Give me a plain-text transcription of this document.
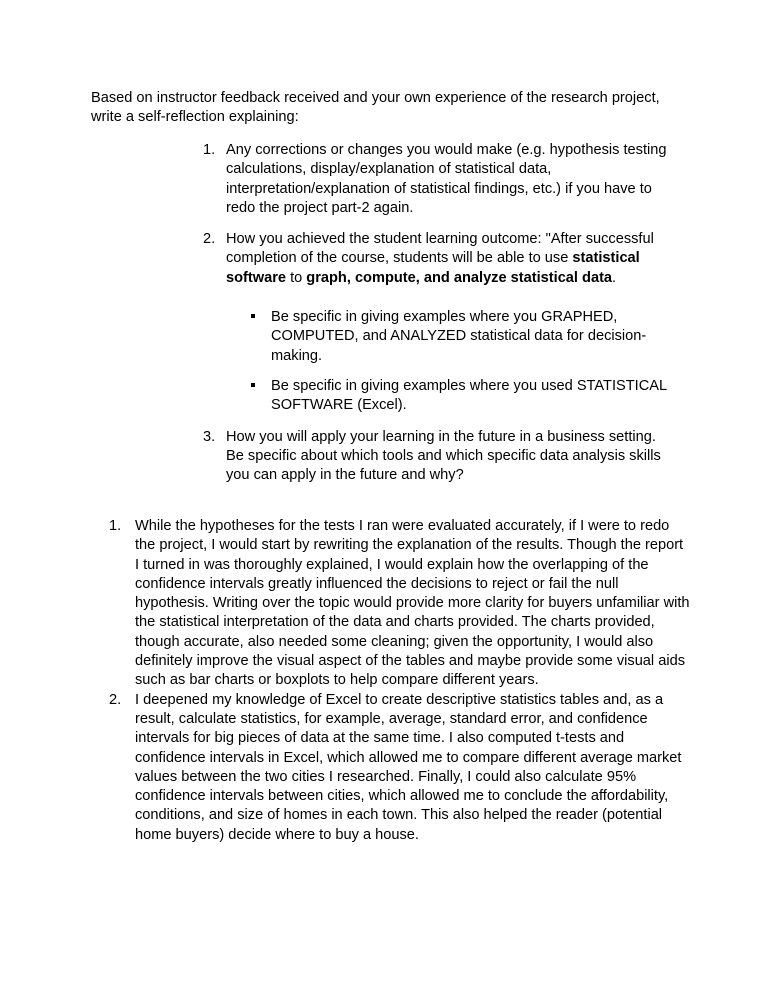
Based on instructor feedback received and your own experience of the research project, write a self-reflection explaining:

1. Any corrections or changes you would make (e.g. hypothesis testing calculations, display/explanation of statistical data, interpretation/explanation of statistical findings, etc.) if you have to redo the project part-2 again.
2. How you achieved the student learning outcome: "After successful completion of the course, students will be able to use statistical software to graph, compute, and analyze statistical data.
Be specific in giving examples where you GRAPHED, COMPUTED, and ANALYZED statistical data for decision-making.
Be specific in giving examples where you used STATISTICAL SOFTWARE (Excel).
3. How you will apply your learning in the future in a business setting. Be specific about which tools and which specific data analysis skills you can apply in the future and why?
1. While the hypotheses for the tests I ran were evaluated accurately, if I were to redo the project, I would start by rewriting the explanation of the results. Though the report I turned in was thoroughly explained, I would explain how the overlapping of the confidence intervals greatly influenced the decisions to reject or fail the null hypothesis. Writing over the topic would provide more clarity for buyers unfamiliar with the statistical interpretation of the data and charts provided. The charts provided, though accurate, also needed some cleaning; given the opportunity, I would also definitely improve the visual aspect of the tables and maybe provide some visual aids such as bar charts or boxplots to help compare different years.
2. I deepened my knowledge of Excel to create descriptive statistics tables and, as a result, calculate statistics, for example, average, standard error, and confidence intervals for big pieces of data at the same time. I also computed t-tests and confidence intervals in Excel, which allowed me to compare different average market values between the two cities I researched. Finally, I could also calculate 95% confidence intervals between cities, which allowed me to conclude the affordability, conditions, and size of homes in each town. This also helped the reader (potential home buyers) decide where to buy a house.
